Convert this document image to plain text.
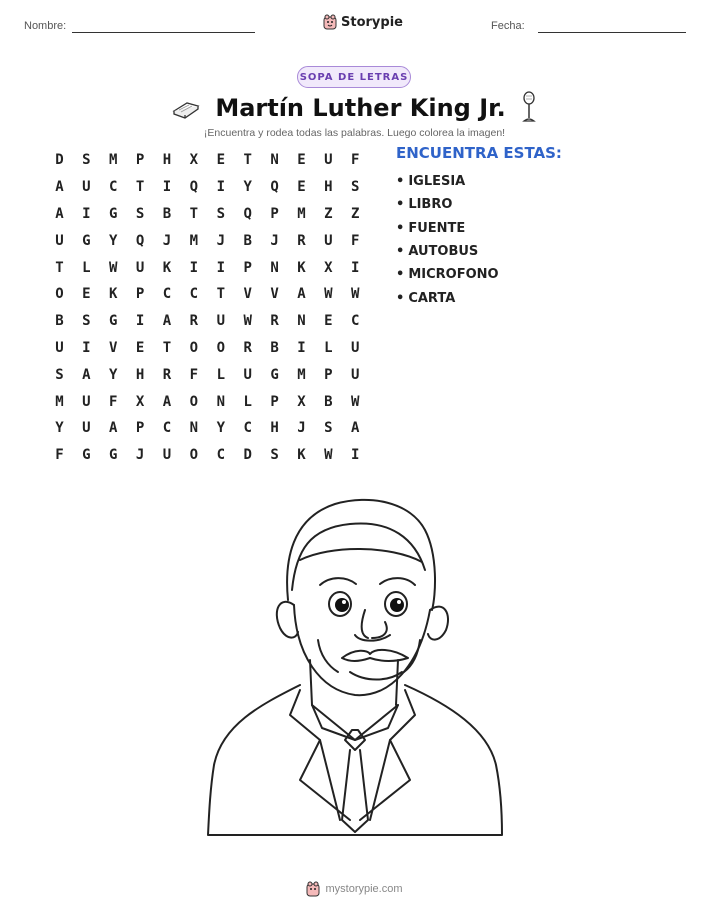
Nombre:	Storypie	Fecha:
SOPA DE LETRAS
Martín Luther King Jr.
¡Encuentra y rodea todas las palabras. Luego colorea la imagen!
D	S	M	P	H	X	E	T	N	E	U	F
A	U	C	T	I	Q	I	Y	Q	E	H	S
A	I	G	S	B	T	S	Q	P	M	Z	Z
U	G	Y	Q	J	M	J	B	J	R	U	F
T	L	W	U	K	I	I	P	N	K	X	I
O	E	K	P	C	C	T	V	V	A	W	W
B	S	G	I	A	R	U	W	R	N	E	C
U	I	V	E	T	O	O	R	B	I	L	U
S	A	Y	H	R	F	L	U	G	M	P	U
M	U	F	X	A	O	N	L	P	X	B	W
Y	U	A	P	C	N	Y	C	H	J	S	A
F	G	G	J	U	O	C	D	S	K	W	I
ENCUENTRA ESTAS:
• IGLESIA
• LIBRO
• FUENTE
• AUTOBUS
• MICROFONO
• CARTA
mystorypie.com
